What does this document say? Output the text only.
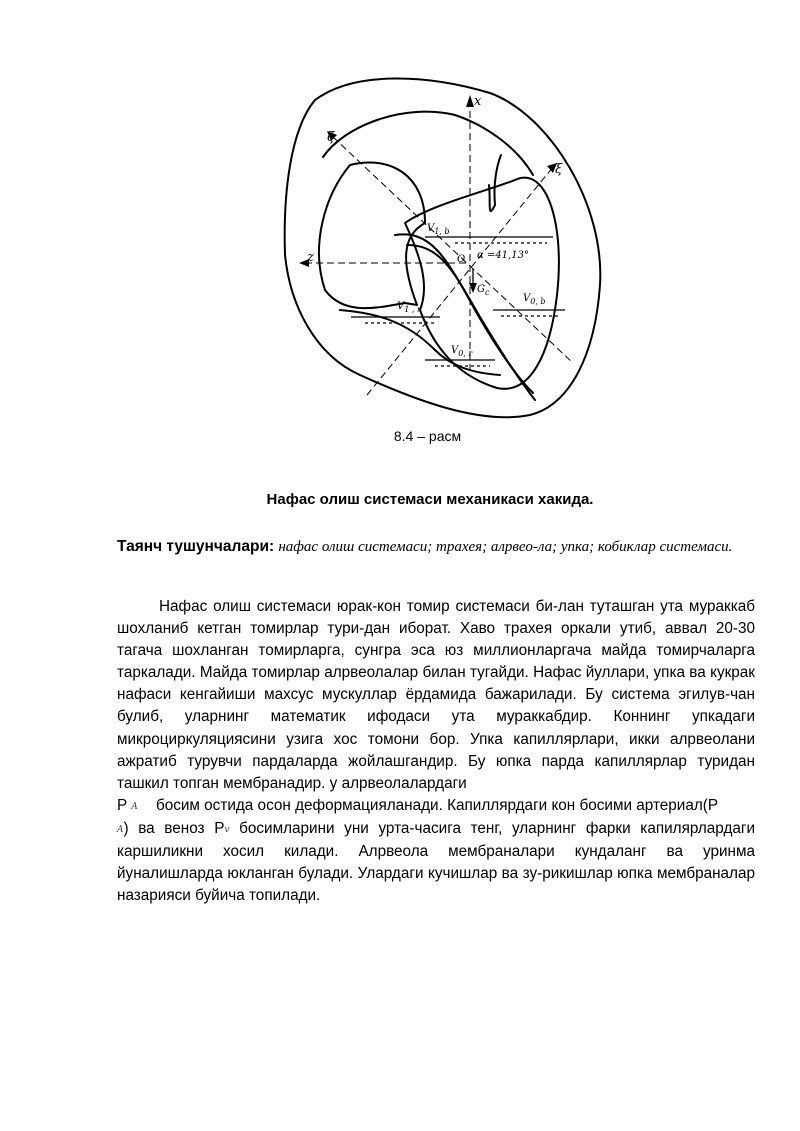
x
ζ
ξ
z	O α =41,13°
$G_c$
$V_{1, b}$
$V_{0, b}$
$V_{1 , r}$
$V_{0, r}$
8.4 – расм
Нафас олиш системаси механикаси хакида.
Таянч тушунчалари: нафас олиш системаси; трахея; алрвео-ла; упка; кобиклар системаси.

Нафас олиш системаси юрак-кон томир системаси би-лан туташган ута мураккаб шохланиб кетган томирлар тури-дан иборат. Хаво трахея оркали утиб, аввал 20-30 тагача шохланган томирларга, сунгра эса юз миллионларгача майда томирчаларга таркалади. Майда томирлар алрвеолалар билан тугайди. Нафас йуллари, упка ва кукрак нафаси кенгайиши махсус мускуллар ёрдамида бажарилади. Бу система эгилув-чан булиб, уларнинг математик ифодаси ута мураккабдир. Коннинг упкадаги микроциркуляциясини узига хос томони бор. Упка капиллярлари, икки алрвеолани ажратиб турувчи пардаларда жойлашгандир. Бу юпка парда капиллярлар туридан ташкил топган мембранадир. у алрвеолалардаги
P A босим остида осон деформацияланади. Капиллярдаги кон босими артериал(P
A) ва веноз Pv босимларини уни урта-часига тенг, уларнинг фарки капилярлардаги каршиликни хосил килади. Алрвеола мембраналари кундаланг ва уринма йуналишларда юкланган булади. Улардаги кучишлар ва зу-рикишлар юпка мембраналар назарияси буйича топилади.
